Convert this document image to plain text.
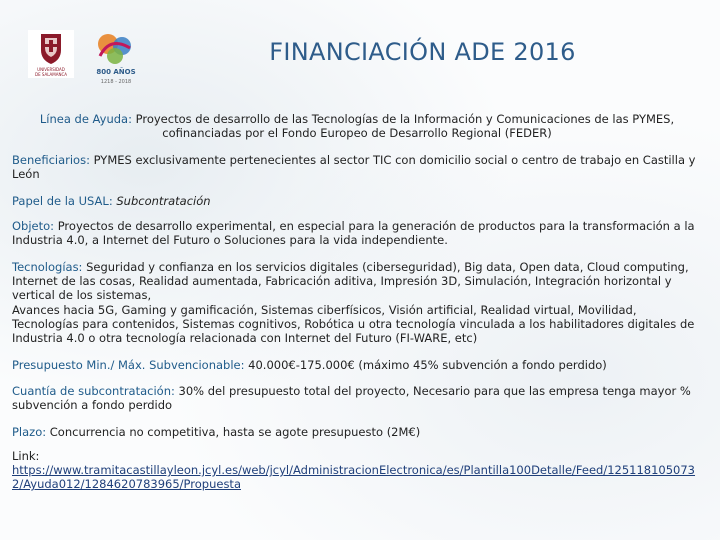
UNIVERSIDAD
DE SALAMANCA	800 AÑOS
1218 - 2018
FINANCIACIÓN ADE 2016
Línea de Ayuda: Proyectos de desarrollo de las Tecnologías de la Información y Comunicaciones de las PYMES, cofinanciadas por el Fondo Europeo de Desarrollo Regional (FEDER)
Beneficiarios: PYMES exclusivamente pertenecientes al sector TIC con domicilio social o centro de trabajo en Castilla y León
Papel de la USAL: Subcontratación
Objeto: Proyectos de desarrollo experimental, en especial para la generación de productos para la transformación a la Industria 4.0, a Internet del Futuro o Soluciones para la vida independiente.
Tecnologías: Seguridad y confianza en los servicios digitales (ciberseguridad), Big data, Open data, Cloud computing, Internet de las cosas, Realidad aumentada, Fabricación aditiva, Impresión 3D, Simulación, Integración horizontal y vertical de los sistemas,
Avances hacia 5G, Gaming y gamificación, Sistemas ciberfísicos, Visión artificial, Realidad virtual, Movilidad, Tecnologías para contenidos, Sistemas cognitivos, Robótica u otra tecnología vinculada a los habilitadores digitales de Industria 4.0 o otra tecnología relacionada con Internet del Futuro (FI-WARE, etc)
Presupuesto Min./ Máx. Subvencionable: 40.000€-175.000€ (máximo 45% subvención a fondo perdido)
Cuantía de subcontratación: 30% del presupuesto total del proyecto, Necesario para que las empresa tenga mayor % subvención a fondo perdido
Plazo: Concurrencia no competitiva, hasta se agote presupuesto (2M€)
Link:
https://www.tramitacastillayleon.jcyl.es/web/jcyl/AdministracionElectronica/es/Plantilla100Detalle/Feed/1251181050732/Ayuda012/1284620783965/Propuesta
